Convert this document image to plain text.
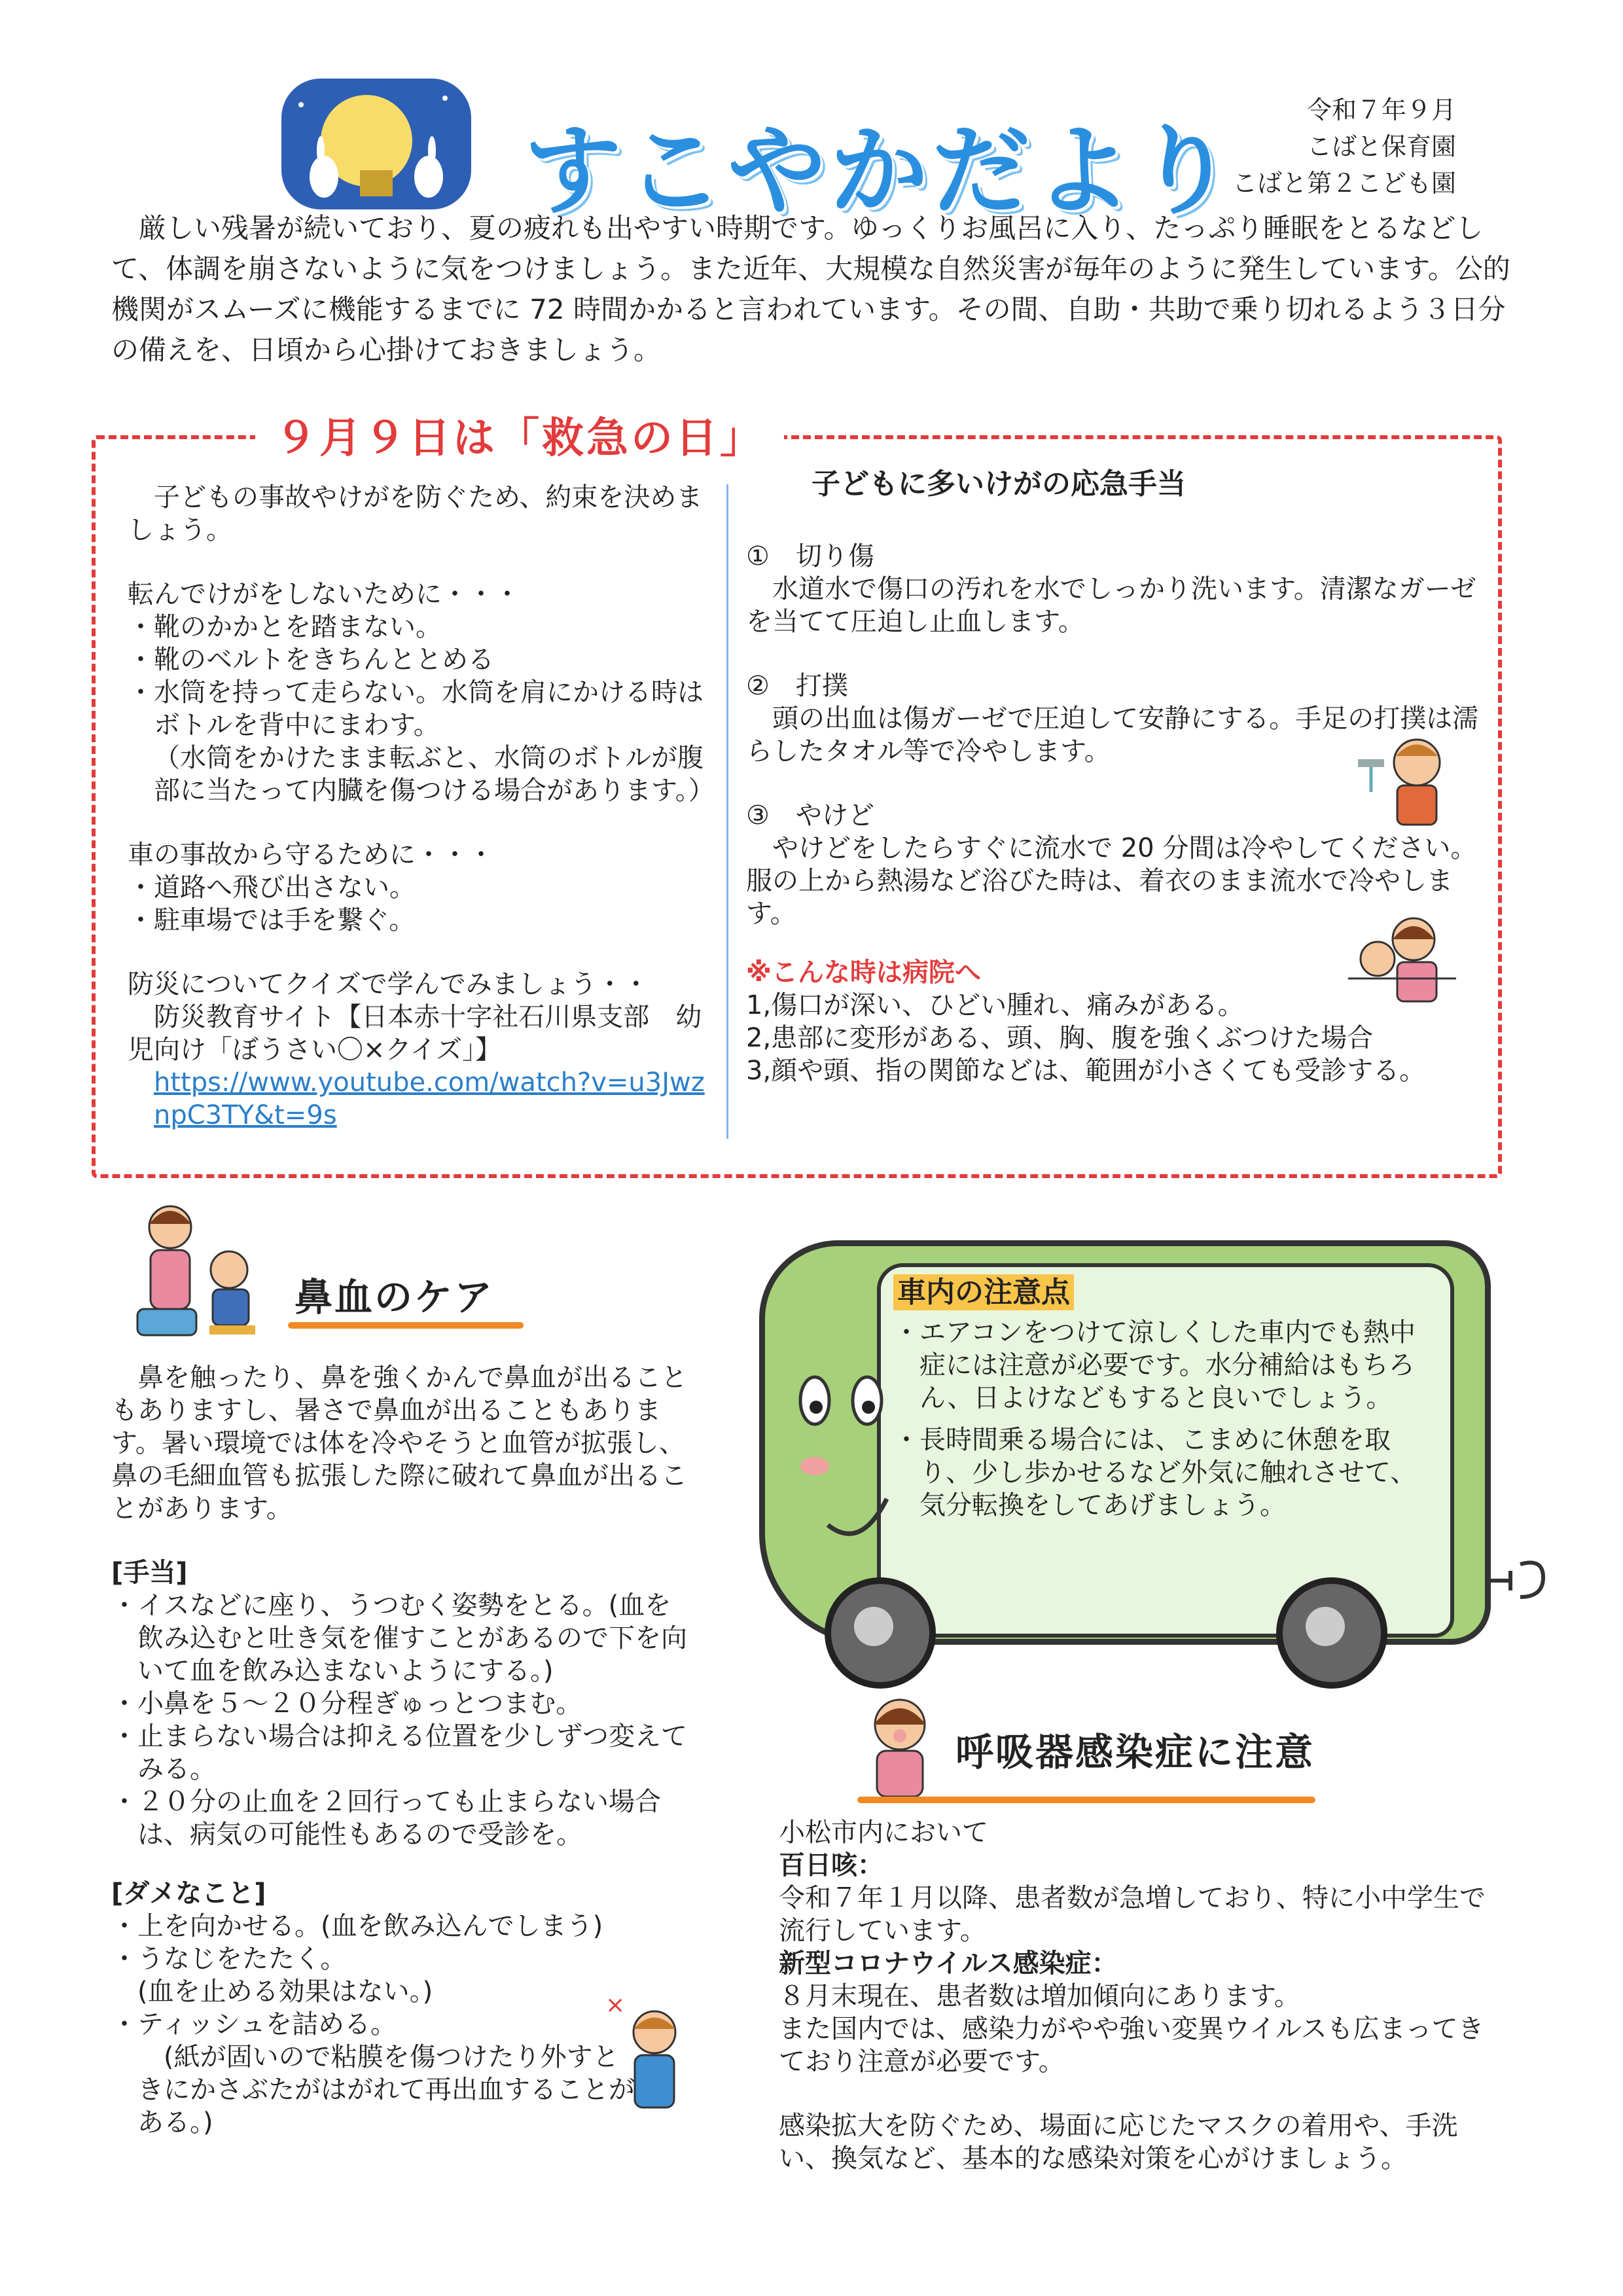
すこやかだより
令和７年９月
こばと保育園
こばと第２こども園
厳しい残暑が続いており、夏の疲れも出やすい時期です。ゆっくりお風呂に入り、たっぷり睡眠をとるなどして、体調を崩さないように気をつけましょう。また近年、大規模な自然災害が毎年のように発生しています。公的機関がスムーズに機能するまでに 72 時間かかると言われています。その間、自助・共助で乗り切れるよう３日分の備えを、日頃から心掛けておきましょう。
９月９日は「救急の日」
子どもの事故やけがを防ぐため、約束を決めましょう。
転んでけがをしないために・・・
・靴のかかとを踏まない。
・靴のベルトをきちんととめる
・水筒を持って走らない。水筒を肩にかける時はボトルを背中にまわす。
（水筒をかけたまま転ぶと、水筒のボトルが腹部に当たって内臓を傷つける場合があります。）
車の事故から守るために・・・
・道路へ飛び出さない。
・駐車場では手を繋ぐ。
防災についてクイズで学んでみましょう・・
防災教育サイト【日本赤十字社石川県支部　幼児向け「ぼうさい〇×クイズ」】
https://www.youtube.com/watch?v=u3JwznpC3TY&t=9s
子どもに多いけがの応急手当
①　切り傷
水道水で傷口の汚れを水でしっかり洗います。清潔なガーゼを当てて圧迫し止血します。
②　打撲
頭の出血は傷ガーゼで圧迫して安静にする。手足の打撲は濡らしたタオル等で冷やします。
③　やけど
やけどをしたらすぐに流水で 20 分間は冷やしてください。服の上から熱湯など浴びた時は、着衣のまま流水で冷やします。
※こんな時は病院へ
1,傷口が深い、ひどい腫れ、痛みがある。
2,患部に変形がある、頭、胸、腹を強くぶつけた場合
3,顔や頭、指の関節などは、範囲が小さくても受診する。
鼻血のケア
鼻を触ったり、鼻を強くかんで鼻血が出ることもありますし、暑さで鼻血が出ることもあります。暑い環境では体を冷やそうと血管が拡張し、鼻の毛細血管も拡張した際に破れて鼻血が出ることがあります。
[手当]
・イスなどに座り、うつむく姿勢をとる。(血を飲み込むと吐き気を催すことがあるので下を向いて血を飲み込まないようにする。)
・小鼻を５～２０分程ぎゅっとつまむ。
・止まらない場合は抑える位置を少しずつ変えてみる。
・２０分の止血を２回行っても止まらない場合は、病気の可能性もあるので受診を。
[ダメなこと]
・上を向かせる。(血を飲み込んでしまう)
・うなじをたたく。
　(血を止める効果はない。)
・ティッシュを詰める。
　(紙が固いので粘膜を傷つけたり外すときにかさぶたがはがれて再出血することがある。)
×
車内の注意点
・エアコンをつけて涼しくした車内でも熱中症には注意が必要です。水分補給はもちろん、日よけなどもすると良いでしょう。
・長時間乗る場合には、こまめに休憩を取り、少し歩かせるなど外気に触れさせて、気分転換をしてあげましょう。
呼吸器感染症に注意
小松市内において
百日咳：
令和７年１月以降、患者数が急増しており、特に小中学生で流行しています。
新型コロナウイルス感染症：
８月末現在、患者数は増加傾向にあります。
また国内では、感染力がやや強い変異ウイルスも広まってきており注意が必要です。
感染拡大を防ぐため、場面に応じたマスクの着用や、手洗い、換気など、基本的な感染対策を心がけましょう。
